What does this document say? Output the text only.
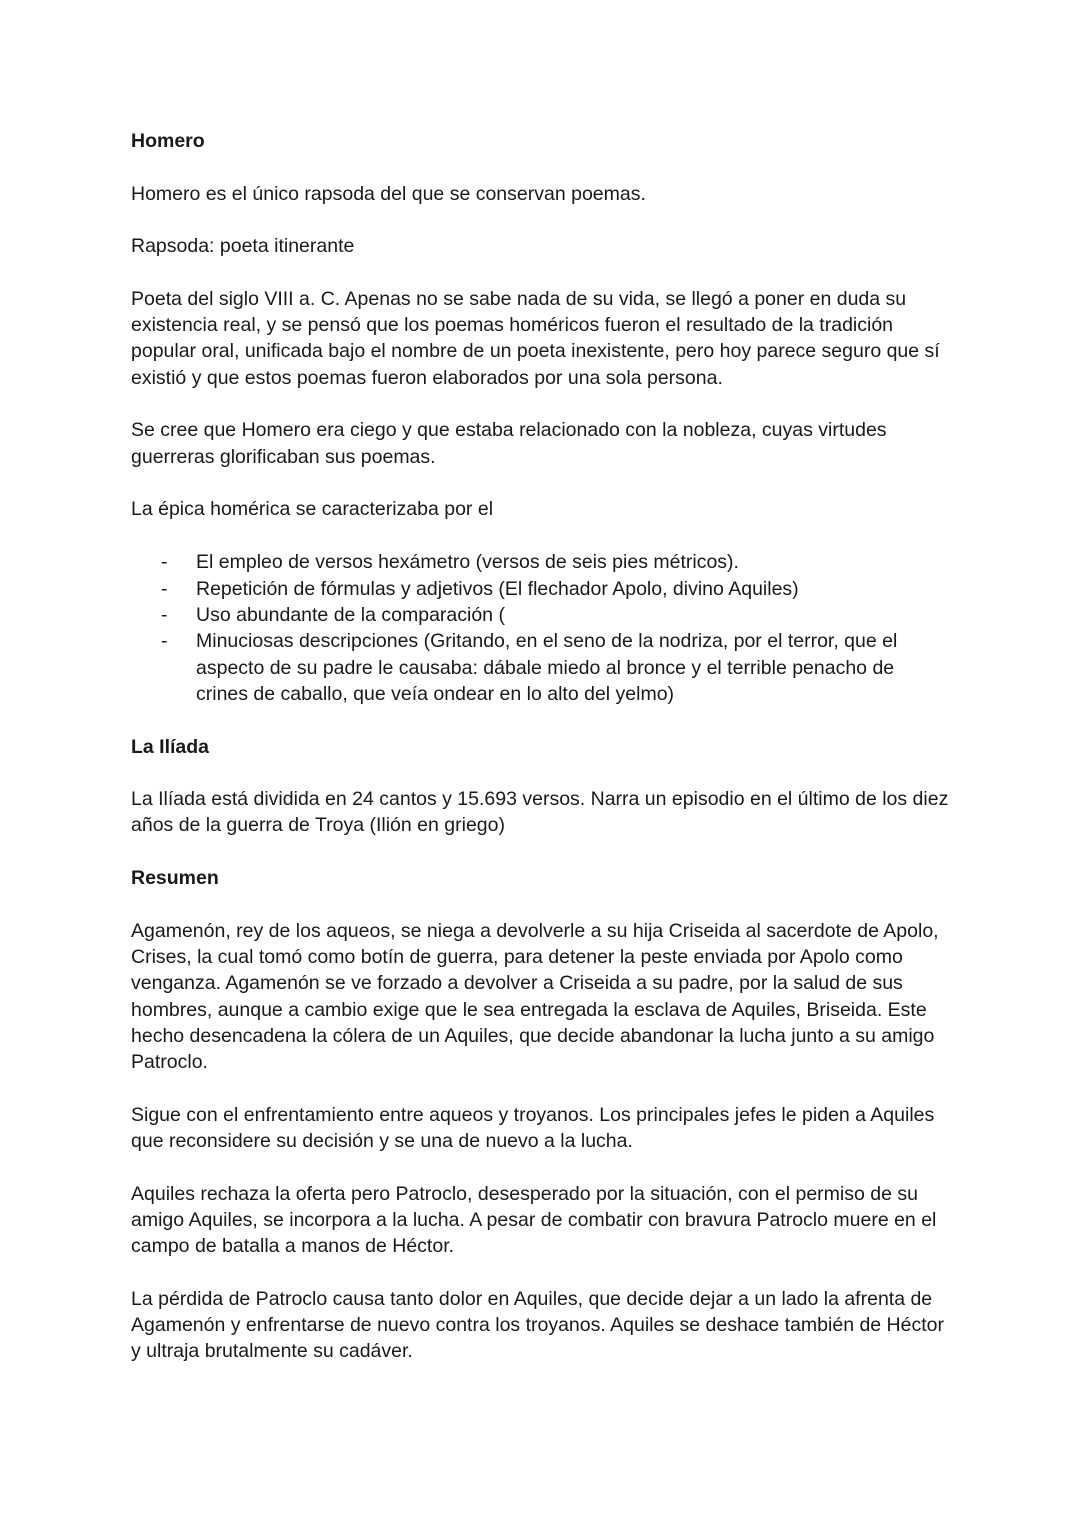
Homero

Homero es el único rapsoda del que se conservan poemas.

Rapsoda: poeta itinerante

Poeta del siglo VIII a. C. Apenas no se sabe nada de su vida, se llegó a poner en duda su existencia real, y se pensó que los poemas homéricos fueron el resultado de la tradición popular oral, unificada bajo el nombre de un poeta inexistente, pero hoy parece seguro que sí existió y que estos poemas fueron elaborados por una sola persona.

Se cree que Homero era ciego y que estaba relacionado con la nobleza, cuyas virtudes guerreras glorificaban sus poemas.

La épica homérica se caracterizaba por el

- El empleo de versos hexámetro (versos de seis pies métricos).
- Repetición de fórmulas y adjetivos (El flechador Apolo, divino Aquiles)
- Uso abundante de la comparación (
- Minuciosas descripciones (Gritando, en el seno de la nodriza, por el terror, que el aspecto de su padre le causaba: dábale miedo al bronce y el terrible penacho de crines de caballo, que veía ondear en lo alto del yelmo)
La Ilíada

La Ilíada está dividida en 24 cantos y 15.693 versos. Narra un episodio en el último de los diez años de la guerra de Troya (Ilión en griego)

Resumen

Agamenón, rey de los aqueos, se niega a devolverle a su hija Criseida al sacerdote de Apolo, Crises, la cual tomó como botín de guerra, para detener la peste enviada por Apolo como venganza. Agamenón se ve forzado a devolver a Criseida a su padre, por la salud de sus hombres, aunque a cambio exige que le sea entregada la esclava de Aquiles, Briseida. Este hecho desencadena la cólera de un Aquiles, que decide abandonar la lucha junto a su amigo Patroclo.

Sigue con el enfrentamiento entre aqueos y troyanos. Los principales jefes le piden a Aquiles que reconsidere su decisión y se una de nuevo a la lucha.

Aquiles rechaza la oferta pero Patroclo, desesperado por la situación, con el permiso de su amigo Aquiles, se incorpora a la lucha. A pesar de combatir con bravura Patroclo muere en el campo de batalla a manos de Héctor.

La pérdida de Patroclo causa tanto dolor en Aquiles, que decide dejar a un lado la afrenta de Agamenón y enfrentarse de nuevo contra los troyanos. Aquiles se deshace también de Héctor y ultraja brutalmente su cadáver.
